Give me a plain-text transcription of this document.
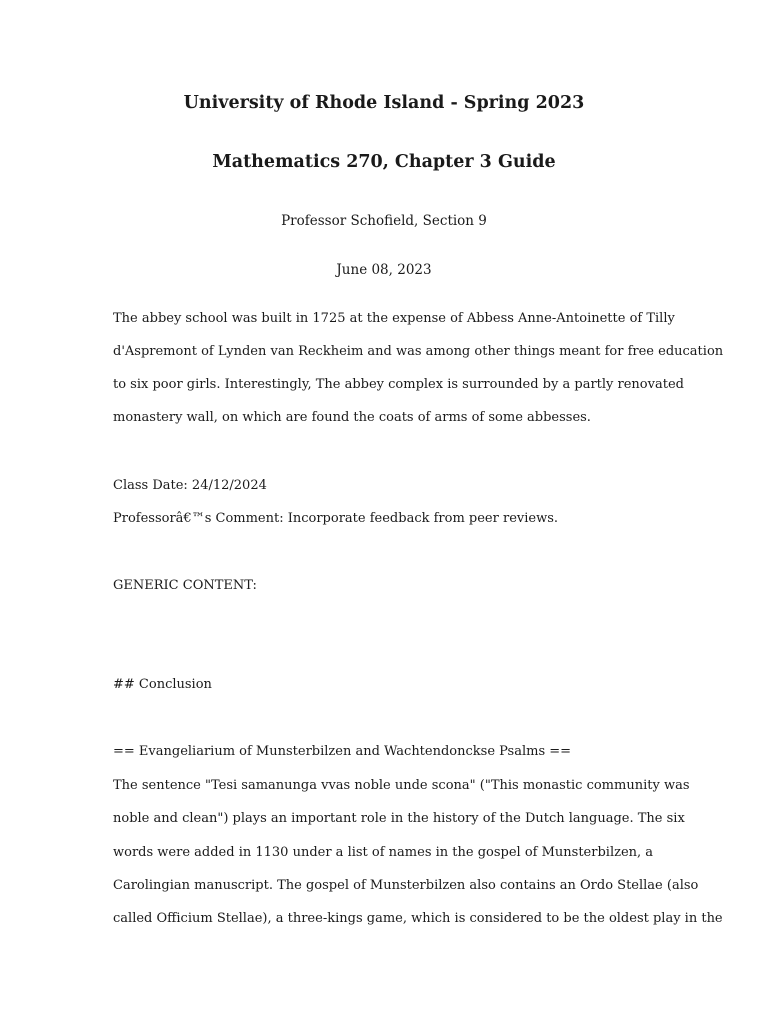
University of Rhode Island - Spring 2023
Mathematics 270, Chapter 3 Guide
Professor Schofield, Section 9
June 08, 2023
The abbey school was built in 1725 at the expense of Abbess Anne-Antoinette of Tilly
d'Aspremont of Lynden van Reckheim and was among other things meant for free education
to six poor girls. Interestingly, The abbey complex is surrounded by a partly renovated
monastery wall, on which are found the coats of arms of some abbesses.
Class Date: 24/12/2024
Professorâ€™s Comment: Incorporate feedback from peer reviews.
GENERIC CONTENT:
## Conclusion
== Evangeliarium of Munsterbilzen and Wachtendonckse Psalms ==
The sentence "Tesi samanunga vvas noble unde scona" ("This monastic community was
noble and clean") plays an important role in the history of the Dutch language. The six
words were added in 1130 under a list of names in the gospel of Munsterbilzen, a
Carolingian manuscript. The gospel of Munsterbilzen also contains an Ordo Stellae (also
called Officium Stellae), a three-kings game, which is considered to be the oldest play in the
